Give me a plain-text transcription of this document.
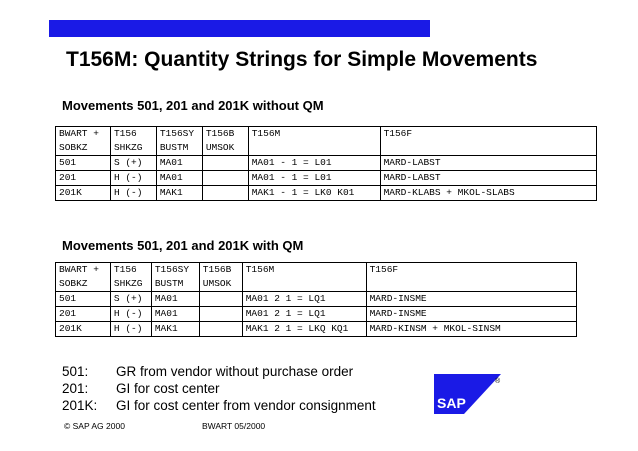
T156M: Quantity Strings for Simple Movements
Movements 501, 201 and 201K without QM
BWART +	T156	T156SY	T156B	T156M	T156F
SOBKZ	SHKZG	BUSTM	UMSOK		
501	S (+)	MA01		MA01 - 1 = L01	MARD-LABST
201	H (-)	MA01		MA01 - 1 = L01	MARD-LABST
201K	H (-)	MAK1		MAK1 - 1 = LK0 K01	MARD-KLABS + MKOL-SLABS
Movements 501, 201 and 201K with QM
BWART +	T156	T156SY	T156B	T156M	T156F
SOBKZ	SHKZG	BUSTM	UMSOK		
501	S (+)	MA01		MA01 2 1 = LQ1	MARD-INSME
201	H (-)	MA01		MA01 2 1 = LQ1	MARD-INSME
201K	H (-)	MAK1		MAK1 2 1 = LKQ KQ1	MARD-KINSM + MKOL-SINSM
501:	GR from vendor without purchase order
201:	GI for cost center
201K:	GI for cost center from vendor consignment
© SAP AG 2000	BWART 05/2000
SAP
®
